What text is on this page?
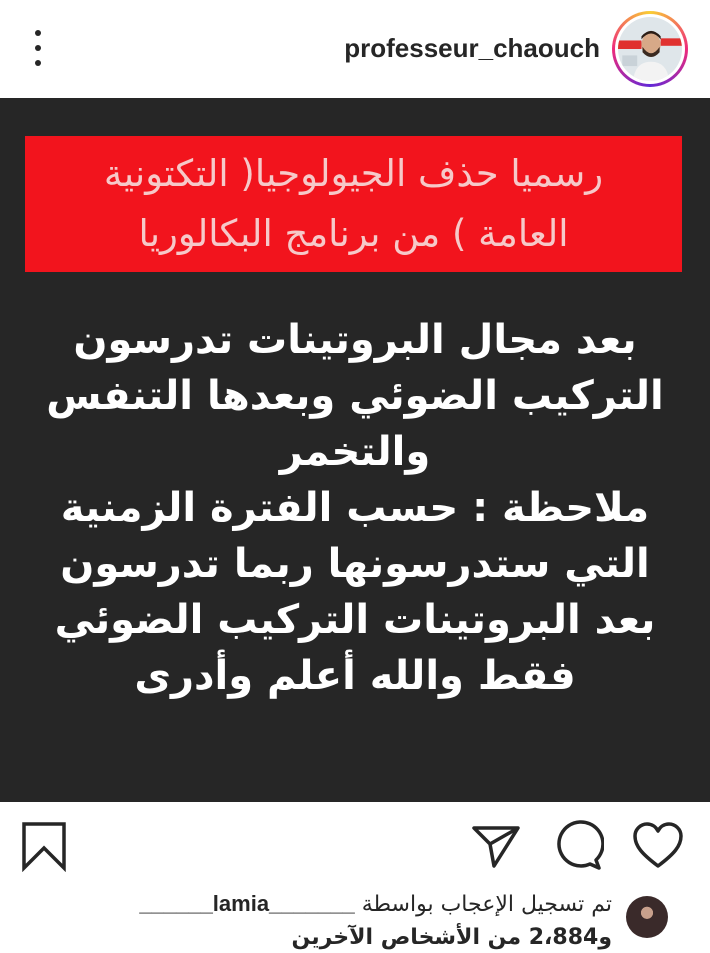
professeur_chaouch
رسميا حذف الجيولوجيا( التكتونية
العامة ) من برنامج البكالوريا
بعد مجال البروتينات تدرسون
التركيب الضوئي وبعدها التنفس
والتخمر
ملاحظة : حسب الفترة الزمنية
التي ستدرسونها ربما تدرسون
بعد البروتينات التركيب الضوئي
فقط والله أعلم وأدرى
تم تسجيل الإعجاب بواسطة ______lamia_______
و2،884 من الأشخاص الآخرين
